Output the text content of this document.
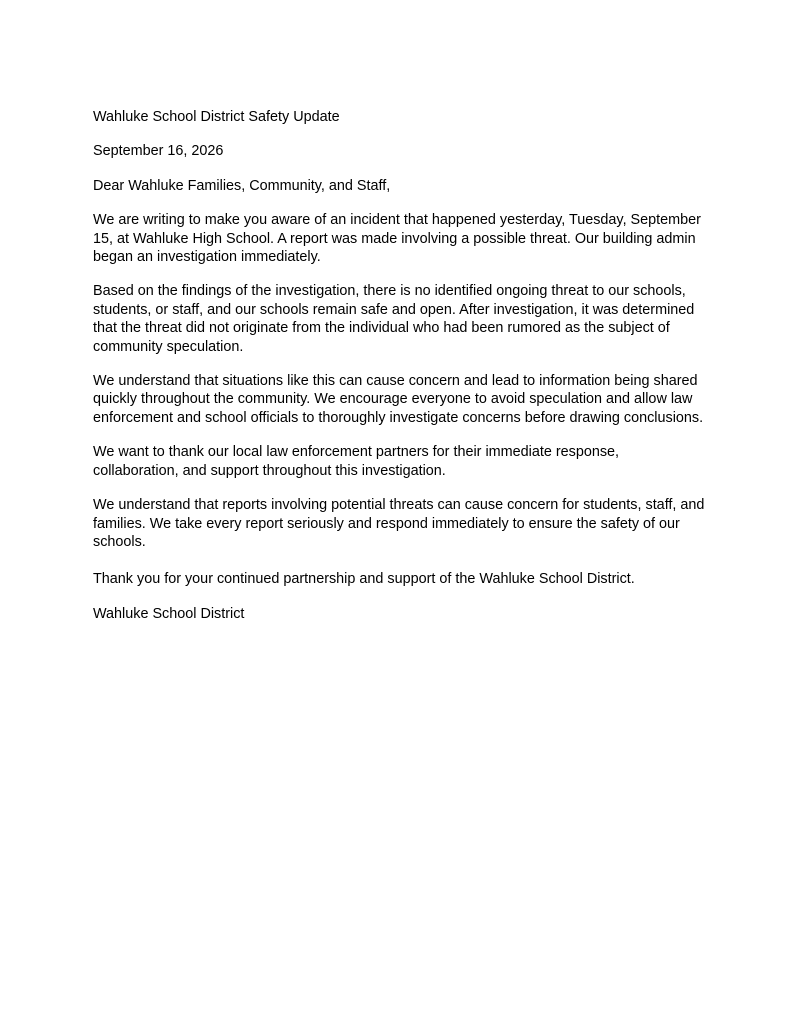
Wahluke School District Safety Update

September 16, 2026

Dear Wahluke Families, Community, and Staff,

We are writing to make you aware of an incident that happened yesterday, Tuesday, September 15, at Wahluke High School. A report was made involving a possible threat. Our building admin began an investigation immediately.

Based on the findings of the investigation, there is no identified ongoing threat to our schools, students, or staff, and our schools remain safe and open. After investigation, it was determined that the threat did not originate from the individual who had been rumored as the subject of community speculation.

We understand that situations like this can cause concern and lead to information being shared quickly throughout the community. We encourage everyone to avoid speculation and allow law enforcement and school officials to thoroughly investigate concerns before drawing conclusions.

We want to thank our local law enforcement partners for their immediate response, collaboration, and support throughout this investigation.

We understand that reports involving potential threats can cause concern for students, staff, and families. We take every report seriously and respond immediately to ensure the safety of our schools.

Thank you for your continued partnership and support of the Wahluke School District.

Wahluke School District
